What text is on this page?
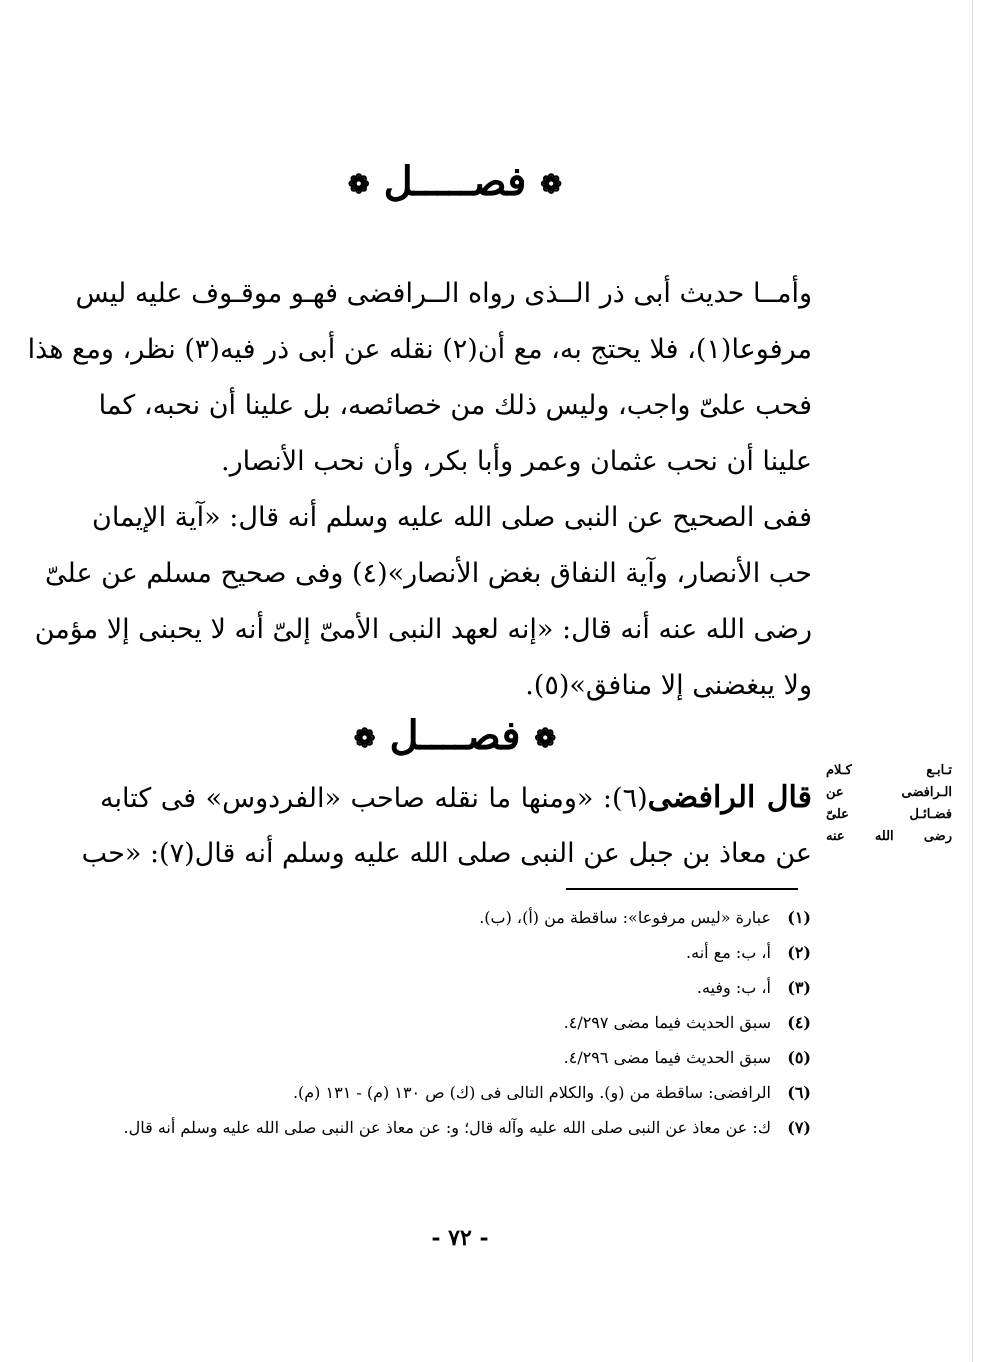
❁ فصـــــل ❁
وأمــا حديث أبى ذر الــذى رواه الــرافضى فهـو موقـوف عليه ليس
مرفوعا(١)، فلا يحتج به، مع أن(٢) نقله عن أبى ذر فيه(٣) نظر، ومع هذا
فحب علىّ واجب، وليس ذلك من خصائصه، بل علينا أن نحبه، كما
علينا أن نحب عثمان وعمر وأبا بكر، وأن نحب الأنصار.
ففى الصحيح عن النبى صلى الله عليه وسلم أنه قال: «آية الإيمان
حب الأنصار، وآية النفاق بغض الأنصار»(٤) وفى صحيح مسلم عن علىّ
رضى الله عنه أنه قال: «إنه لعهد النبى الأمىّ إلىّ أنه لا يحبنى إلا مؤمن
ولا يبغضنى إلا منافق»(٥).
❁ فصــــل ❁
قال الرافضى(٦): «ومنها ما نقله صاحب «الفردوس» فى كتابه
عن معاذ بن جبل عن النبى صلى الله عليه وسلم أنه قال(٧): «حب
تـابـع كـلام
الـرافضى عن
فضـائـل علىّ
رضى الله عنه
(١)
عبارة «ليس مرفوعا»: ساقطة من (أ)، (ب).
(٢)
أ، ب: مع أنه.
(٣)
أ، ب: وفيه.
(٤)
سبق الحديث فيما مضى ٤/٢٩٧.
(٥)
سبق الحديث فيما مضى ٤/٢٩٦.
(٦)
الرافضى: ساقطة من (و). والكلام التالى فى (ك) ص ١٣٠ (م) - ١٣١ (م).
(٧)
ك: عن معاذ عن النبى صلى الله عليه وآله قال؛ و: عن معاذ عن النبى صلى الله عليه وسلم أنه قال.
- ٧٢ -
